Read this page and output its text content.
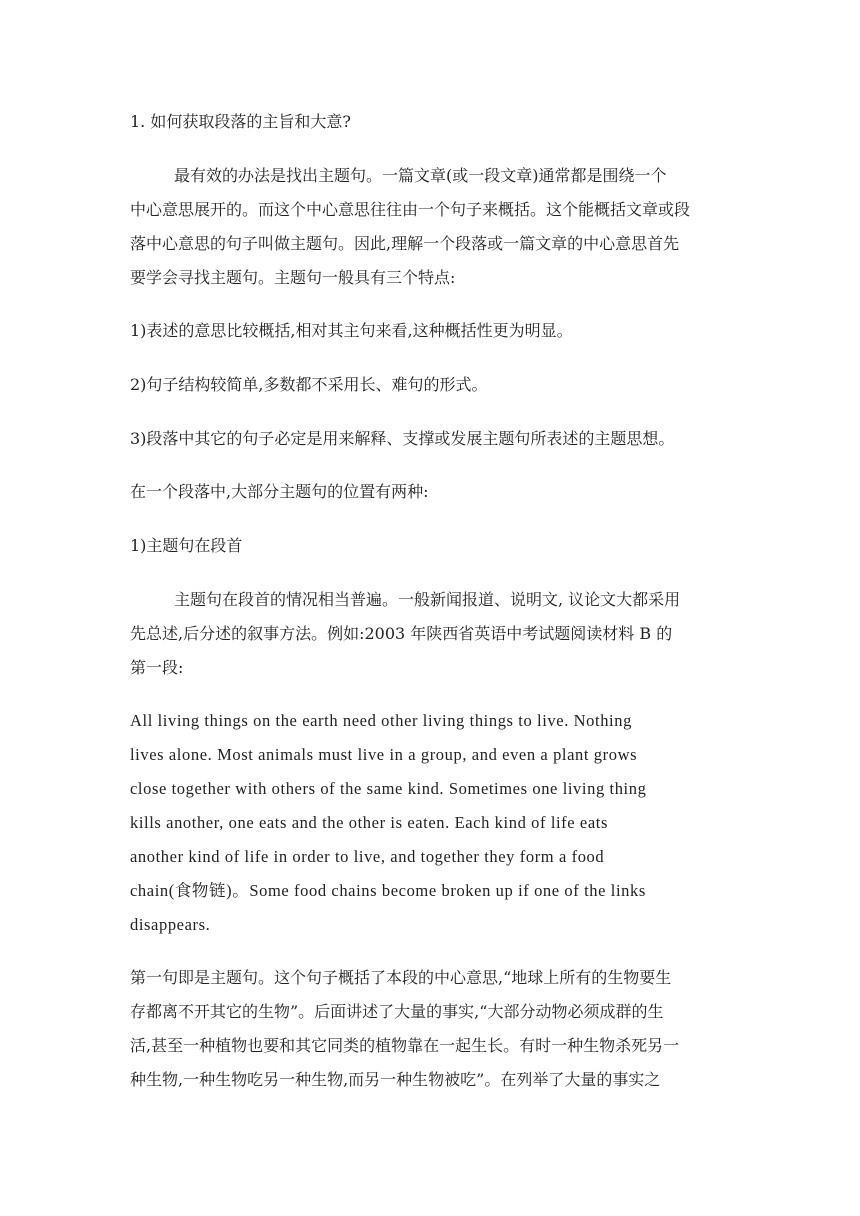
1. 如何获取段落的主旨和大意?
最有效的办法是找出主题句。一篇文章(或一段文章)通常都是围绕一个
中心意思展开的。而这个中心意思往往由一个句子来概括。这个能概括文章或段
落中心意思的句子叫做主题句。因此,理解一个段落或一篇文章的中心意思首先
要学会寻找主题句。主题句一般具有三个特点:
1)表述的意思比较概括,相对其主句来看,这种概括性更为明显。
2)句子结构较简单,多数都不采用长、难句的形式。
3)段落中其它的句子必定是用来解释、支撑或发展主题句所表述的主题思想。
在一个段落中,大部分主题句的位置有两种:
1)主题句在段首
主题句在段首的情况相当普遍。一般新闻报道、说明文, 议论文大都采用
先总述,后分述的叙事方法。例如:2003 年陕西省英语中考试题阅读材料 B 的
第一段:
All living things on the earth need other living things to live. Nothing
lives alone. Most animals must live in a group, and even a plant grows
close together with others of the same kind. Sometimes one living thing
kills another, one eats and the other is eaten. Each kind of life eats
another kind of life in order to live, and together they form a food
chain(食物链)。Some food chains become broken up if one of the links
disappears.
第一句即是主题句。这个句子概括了本段的中心意思,“地球上所有的生物要生
存都离不开其它的生物”。后面讲述了大量的事实,“大部分动物必须成群的生
活,甚至一种植物也要和其它同类的植物靠在一起生长。有时一种生物杀死另一
种生物,一种生物吃另一种生物,而另一种生物被吃”。在列举了大量的事实之
